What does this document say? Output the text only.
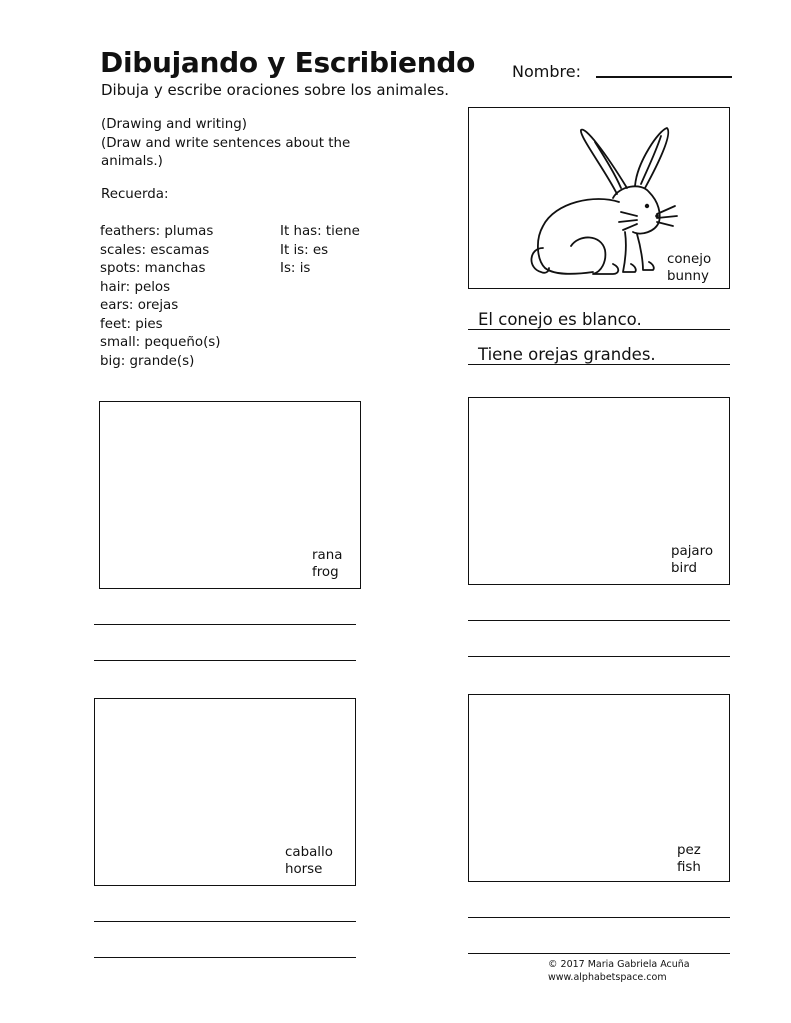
Dibujando y Escribiendo
Dibuja y escribe oraciones sobre los animales.
Nombre:
(Drawing and writing)
(Draw and write sentences about the
animals.)
Recuerda:
feathers: plumas
scales: escamas
spots: manchas
hair: pelos
ears: orejas
feet: pies
small: pequeño(s)
big: grande(s)
It has: tiene
It is: es
Is: is
conejo
bunny
El conejo es blanco.
Tiene orejas grandes.
rana
frog
pajaro
bird
caballo
horse
pez
fish
© 2017 Maria Gabriela Acuña
www.alphabetspace.com
